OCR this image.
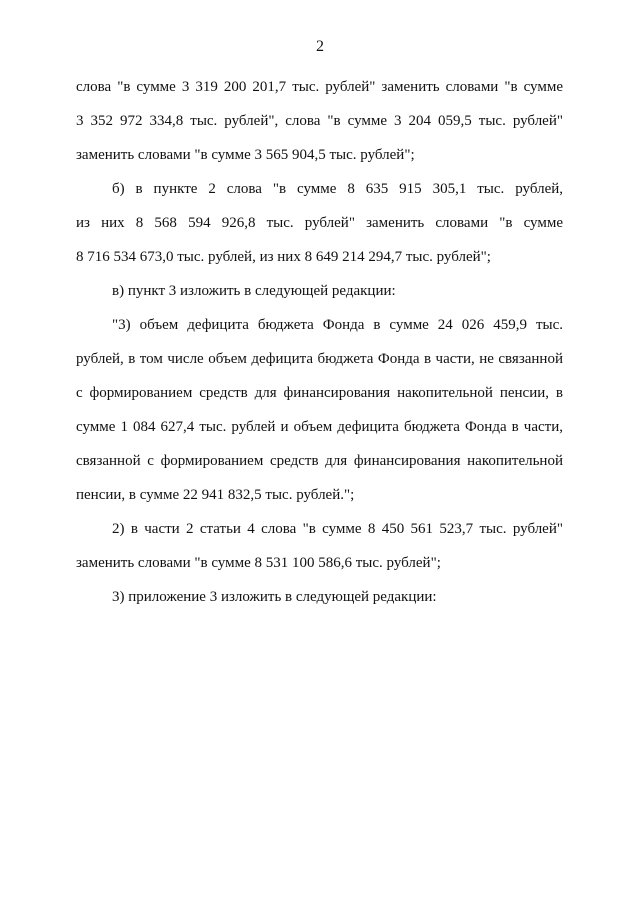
2
слова "в сумме 3 319 200 201,7 тыс. рублей" заменить словами "в сумме
3 352 972 334,8 тыс. рублей", слова "в сумме 3 204 059,5 тыс. рублей"
заменить словами "в сумме 3 565 904,5 тыс. рублей";
б) в пункте 2 слова "в сумме 8 635 915 305,1 тыс. рублей,
из них 8 568 594 926,8 тыс. рублей" заменить словами "в сумме
8 716 534 673,0 тыс. рублей, из них 8 649 214 294,7 тыс. рублей";
в) пункт 3 изложить в следующей редакции:
"3) объем дефицита бюджета Фонда в сумме 24 026 459,9 тыс.
рублей, в том числе объем дефицита бюджета Фонда в части, не связанной
с формированием средств для финансирования накопительной пенсии, в
сумме 1 084 627,4 тыс. рублей и объем дефицита бюджета Фонда в части,
связанной с формированием средств для финансирования накопительной
пенсии, в сумме 22 941 832,5 тыс. рублей.";
2) в части 2 статьи 4 слова "в сумме 8 450 561 523,7 тыс. рублей"
заменить словами "в сумме 8 531 100 586,6 тыс. рублей";
3) приложение 3 изложить в следующей редакции:
